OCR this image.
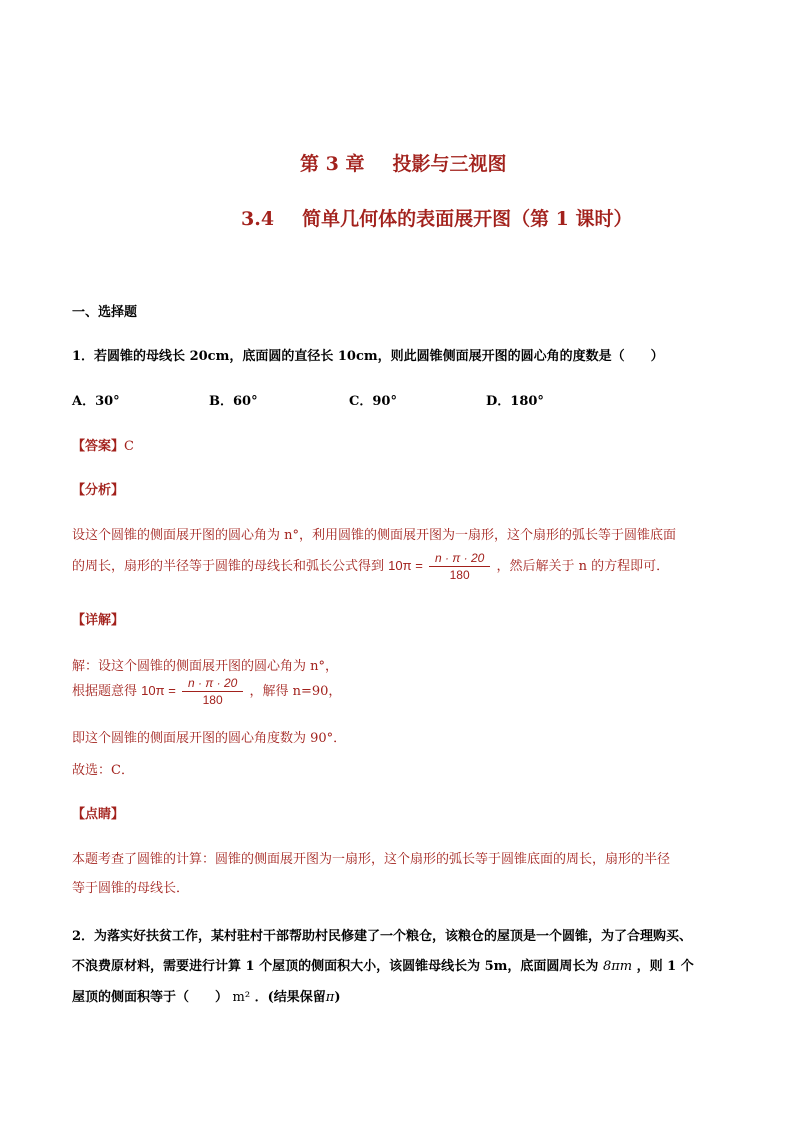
第 3 章 投影与三视图
3.4 简单几何体的表面展开图（第 1 课时）
一、选择题
1．若圆锥的母线长 20cm，底面圆的直径长 10cm，则此圆锥侧面展开图的圆心角的度数是（　　）
A．30°	B．60°	C．90°	D．180°
【答案】C
【分析】
设这个圆锥的侧面展开图的圆心角为 n°，利用圆锥的侧面展开图为一扇形，这个扇形的弧长等于圆锥底面
的周长，扇形的半径等于圆锥的母线长和弧长公式得到 $10\pi = \frac{n \cdot \pi \cdot 20}{180}$ ，然后解关于 n 的方程即可．
【详解】
解：设这个圆锥的侧面展开图的圆心角为 n°，
根据题意得 $10\pi = \frac{n \cdot \pi \cdot 20}{180}$ ，解得 n=90，
即这个圆锥的侧面展开图的圆心角度数为 90°．
故选：C．
【点睛】
本题考查了圆锥的计算：圆锥的侧面展开图为一扇形，这个扇形的弧长等于圆锥底面的周长，扇形的半径
等于圆锥的母线长．
2．为落实好扶贫工作，某村驻村干部帮助村民修建了一个粮仓，该粮仓的屋顶是一个圆锥，为了合理购买、
不浪费原材料，需要进行计算 1 个屋顶的侧面积大小，该圆锥母线长为 5m，底面圆周长为 8πm ，则 1 个
屋顶的侧面积等于（　　） m² ．(结果保留π)
